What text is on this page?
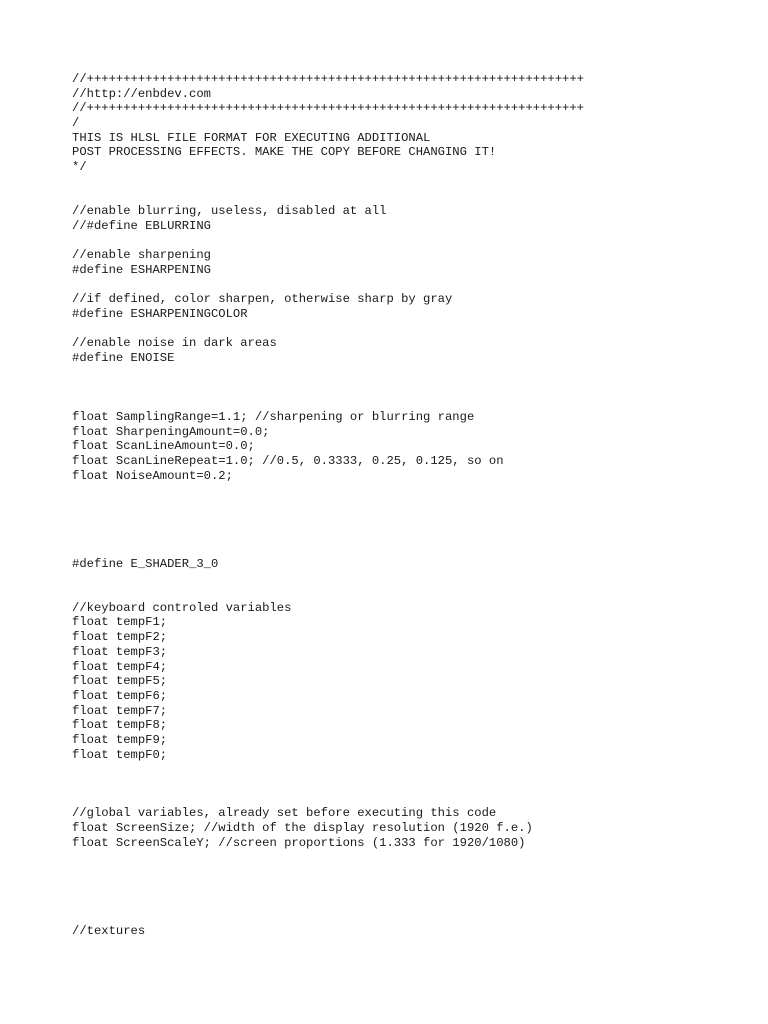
//++++++++++++++++++++++++++++++++++++++++++++++++++++++++++++++++++++
//http://enbdev.com
//++++++++++++++++++++++++++++++++++++++++++++++++++++++++++++++++++++
/
THIS IS HLSL FILE FORMAT FOR EXECUTING ADDITIONAL
POST PROCESSING EFFECTS. MAKE THE COPY BEFORE CHANGING IT!
*/
//enable blurring, useless, disabled at all
//#define EBLURRING
//enable sharpening
#define ESHARPENING
//if defined, color sharpen, otherwise sharp by gray
#define ESHARPENINGCOLOR
//enable noise in dark areas
#define ENOISE
float SamplingRange=1.1; //sharpening or blurring range
float SharpeningAmount=0.0;
float ScanLineAmount=0.0;
float ScanLineRepeat=1.0; //0.5, 0.3333, 0.25, 0.125, so on
float NoiseAmount=0.2;
#define E_SHADER_3_0
//keyboard controled variables
float tempF1;
float tempF2;
float tempF3;
float tempF4;
float tempF5;
float tempF6;
float tempF7;
float tempF8;
float tempF9;
float tempF0;
//global variables, already set before executing this code
float ScreenSize; //width of the display resolution (1920 f.e.)
float ScreenScaleY; //screen proportions (1.333 for 1920/1080)
//textures
